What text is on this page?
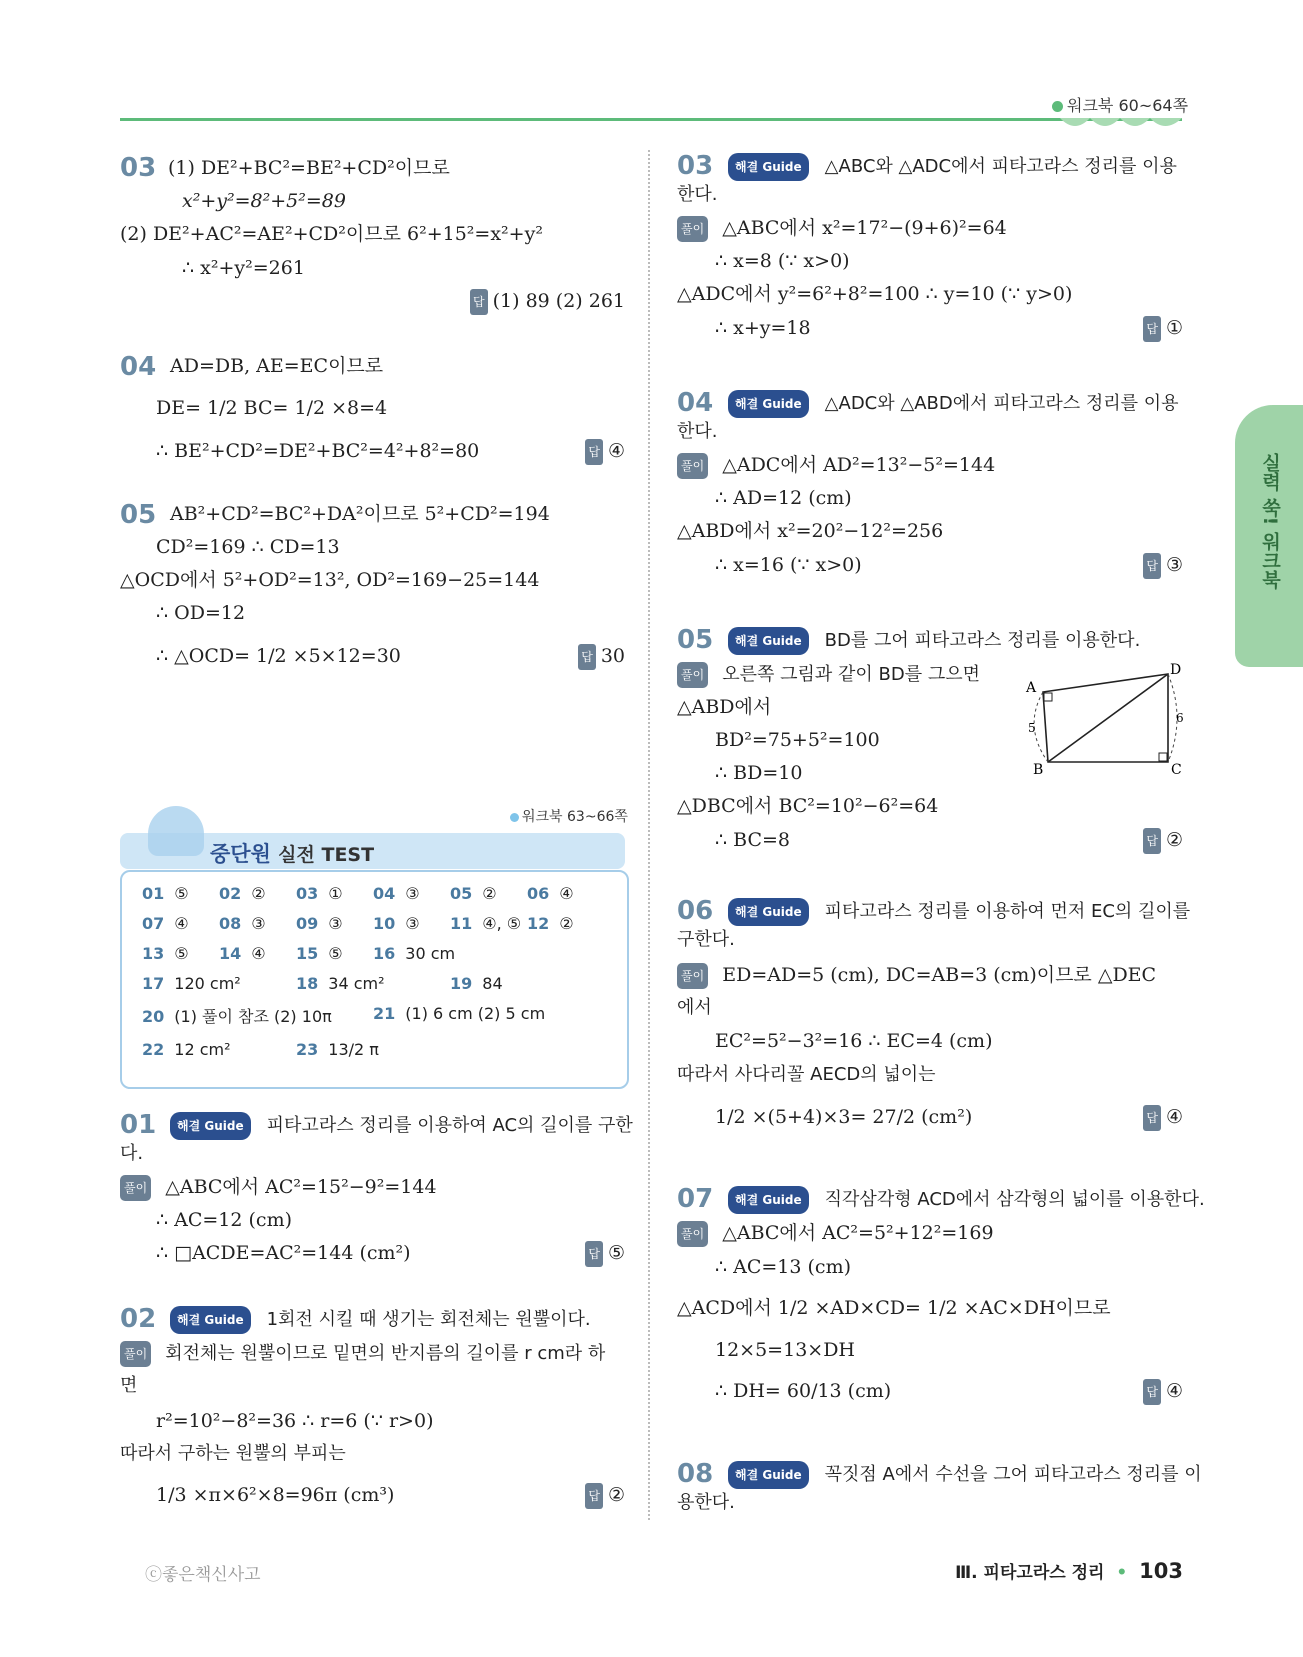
워크북 60~64쪽
실력 쑥! 워크북
03 (1) DE²+BC²=BE²+CD²이므로
x²+y²=8²+5²=89
(2) DE²+AC²=AE²+CD²이므로 6²+15²=x²+y²
∴ x²+y²=261
답 (1) 89 (2) 261
04 AD=DB, AE=EC이므로
DE= 1/2 BC= 1/2 ×8=4
∴ BE²+CD²=DE²+BC²=4²+8²=80	답 ④
05 AB²+CD²=BC²+DA²이므로 5²+CD²=194
CD²=169 ∴ CD=13
△OCD에서 5²+OD²=13², OD²=169−25=144
∴ OD=12
∴ △OCD= 1/2 ×5×12=30	답 30
워크북 63~66쪽
중단원 실전 TEST
01 ⑤ 02 ② 03 ① 04 ③ 05 ② 06 ④
07 ④ 08 ③ 09 ③ 10 ③ 11 ④, ⑤ 12 ②
13 ⑤ 14 ④ 15 ⑤ 16 30 cm
17 120 cm²	18 34 cm²	19 84
20 (1) 풀이 참조 (2) 10π	21 (1) 6 cm (2) 5 cm
22 12 cm²	23 13/2 π
01	해결 Guide 피타고라스 정리를 이용하여 AC의 길이를 구한
다.
풀이 △ABC에서 AC²=15²−9²=144
∴ AC=12 (cm)
∴ □ACDE=AC²=144 (cm²)	답 ⑤
02	해결 Guide 1회전 시킬 때 생기는 회전체는 원뿔이다.
풀이 회전체는 원뿔이므로 밑면의 반지름의 길이를 r cm라 하
면
r²=10²−8²=36 ∴ r=6 (∵ r>0)
따라서 구하는 원뿔의 부피는
1/3 ×π×6²×8=96π (cm³)	답 ②
03	해결 Guide △ABC와 △ADC에서 피타고라스 정리를 이용
한다.
풀이 △ABC에서 x²=17²−(9+6)²=64
∴ x=8 (∵ x>0)
△ADC에서 y²=6²+8²=100 ∴ y=10 (∵ y>0)
∴ x+y=18	답 ①
04	해결 Guide △ADC와 △ABD에서 피타고라스 정리를 이용
한다.
풀이 △ADC에서 AD²=13²−5²=144
∴ AD=12 (cm)
△ABD에서 x²=20²−12²=256
∴ x=16 (∵ x>0)	답 ③
05	해결 Guide BD를 그어 피타고라스 정리를 이용한다.
풀이 오른쪽 그림과 같이 BD를 그으면
△ABD에서
BD²=75+5²=100
∴ BD=10
△DBC에서 BC²=10²−6²=64
∴ BC=8	답 ②
A
B	C
D
5
6
06	해결 Guide 피타고라스 정리를 이용하여 먼저 EC의 길이를
구한다.
풀이 ED=AD=5 (cm), DC=AB=3 (cm)이므로 △DEC
에서
EC²=5²−3²=16 ∴ EC=4 (cm)
따라서 사다리꼴 AECD의 넓이는
1/2 ×(5+4)×3= 27/2 (cm²)	답 ④
07	해결 Guide 직각삼각형 ACD에서 삼각형의 넓이를 이용한다.
풀이 △ABC에서 AC²=5²+12²=169
∴ AC=13 (cm)
△ACD에서 1/2 ×AD×CD= 1/2 ×AC×DH이므로
12×5=13×DH
∴ DH= 60/13 (cm)	답 ④
08	해결 Guide 꼭짓점 A에서 수선을 그어 피타고라스 정리를 이
용한다.
ⓒ좋은책신사고	Ⅲ. 피타고라스 정리 • 103
